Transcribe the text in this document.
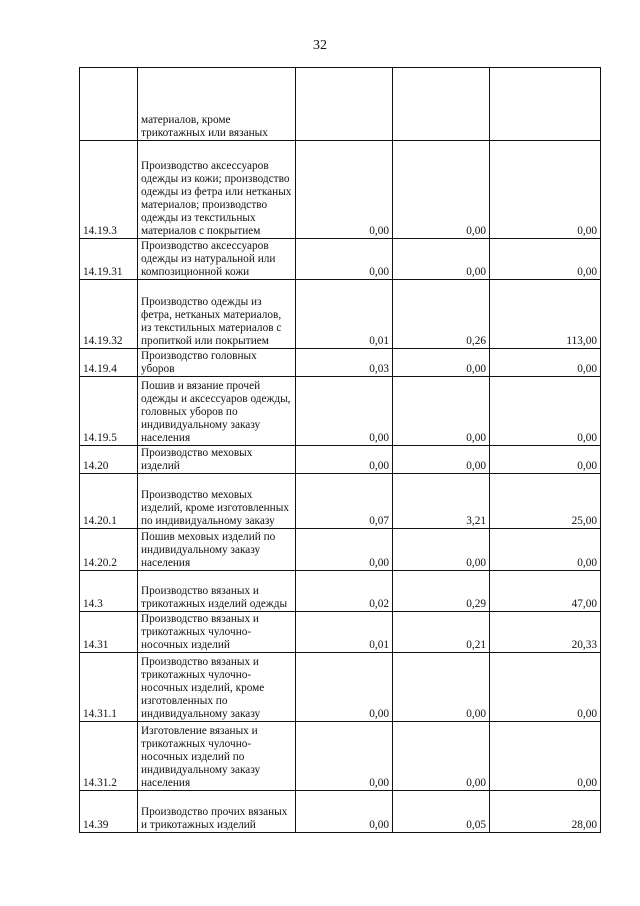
32
	материалов, кроме трикотажных или вязаных			
14.19.3	Производство аксессуаров одежды из кожи; производство одежды из фетра или нетканых материалов; производство одежды из текстильных материалов с покрытием	0,00	0,00	0,00
14.19.31	Производство аксессуаров одежды из натуральной или композиционной кожи	0,00	0,00	0,00
14.19.32	Производство одежды из фетра, нетканых материалов, из текстильных материалов с пропиткой или покрытием	0,01	0,26	113,00
14.19.4	Производство головных уборов	0,03	0,00	0,00
14.19.5	Пошив и вязание прочей одежды и аксессуаров одежды, головных уборов по индивидуальному заказу населения	0,00	0,00	0,00
14.20	Производство меховых изделий	0,00	0,00	0,00
14.20.1	Производство меховых изделий, кроме изготовленных по индивидуальному заказу	0,07	3,21	25,00
14.20.2	Пошив меховых изделий по индивидуальному заказу населения	0,00	0,00	0,00
14.3	Производство вязаных и трикотажных изделий одежды	0,02	0,29	47,00
14.31	Производство вязаных и трикотажных чулочно-носочных изделий	0,01	0,21	20,33
14.31.1	Производство вязаных и трикотажных чулочно-носочных изделий, кроме изготовленных по индивидуальному заказу	0,00	0,00	0,00
14.31.2	Изготовление вязаных и трикотажных чулочно-носочных изделий по индивидуальному заказу населения	0,00	0,00	0,00
14.39	Производство прочих вязаных и трикотажных изделий	0,00	0,05	28,00
